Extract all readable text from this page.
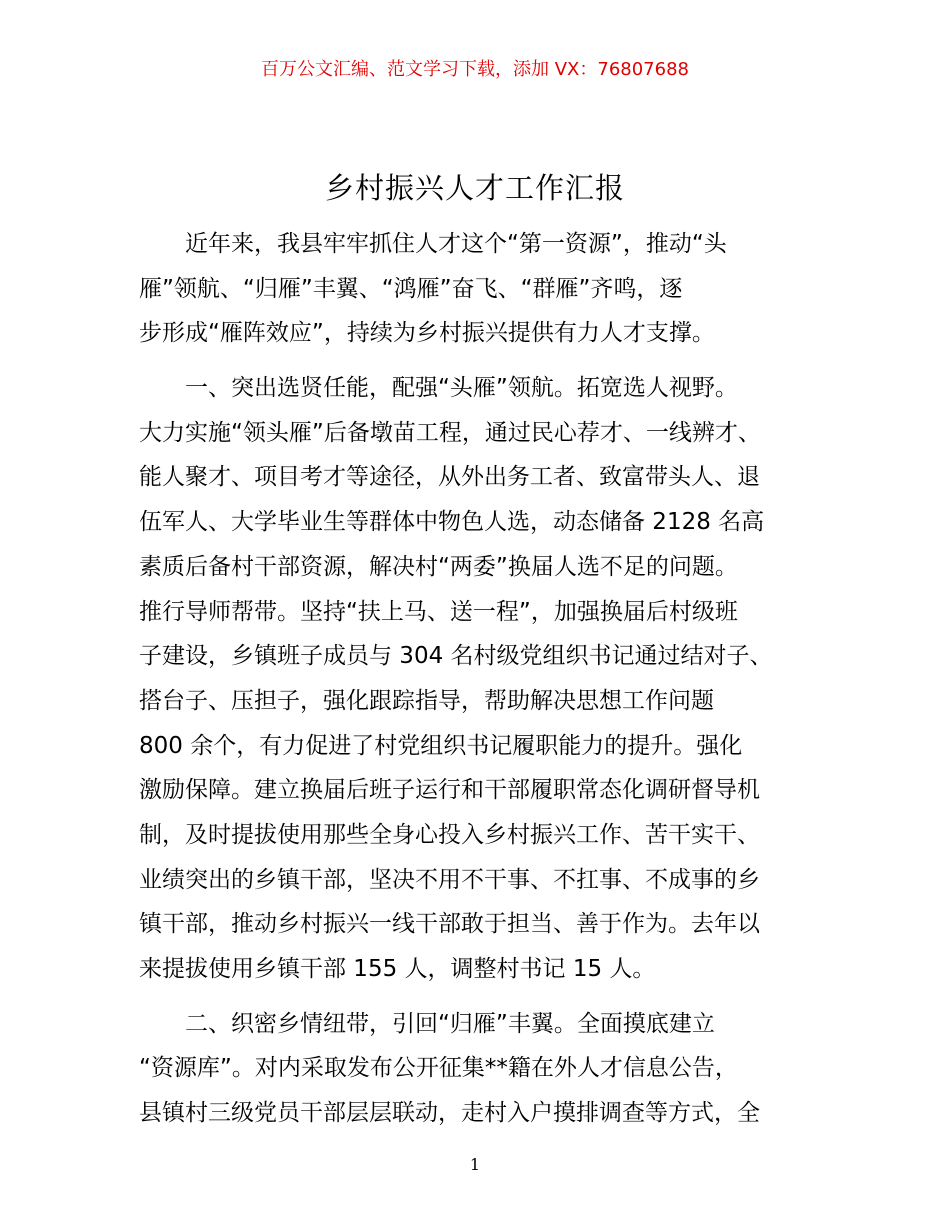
百万公文汇编、范文学习下载，添加 VX：76807688
乡村振兴人才工作汇报
近年来，我县牢牢抓住人才这个“第一资源”，推动“头
雁”领航、“归雁”丰翼、“鸿雁”奋飞、“群雁”齐鸣，逐
步形成“雁阵效应”，持续为乡村振兴提供有力人才支撑。
一、突出选贤任能，配强“头雁”领航。拓宽选人视野。
大力实施“领头雁”后备墩苗工程，通过民心荐才、一线辨才、
能人聚才、项目考才等途径，从外出务工者、致富带头人、退
伍军人、大学毕业生等群体中物色人选，动态储备 2128 名高
素质后备村干部资源，解决村“两委”换届人选不足的问题。
推行导师帮带。坚持“扶上马、送一程”，加强换届后村级班
子建设，乡镇班子成员与 304 名村级党组织书记通过结对子、
搭台子、压担子，强化跟踪指导，帮助解决思想工作问题
800 余个，有力促进了村党组织书记履职能力的提升。强化
激励保障。建立换届后班子运行和干部履职常态化调研督导机
制，及时提拔使用那些全身心投入乡村振兴工作、苦干实干、
业绩突出的乡镇干部，坚决不用不干事、不扛事、不成事的乡
镇干部，推动乡村振兴一线干部敢于担当、善于作为。去年以
来提拔使用乡镇干部 155 人，调整村书记 15 人。
二、织密乡情纽带，引回“归雁”丰翼。全面摸底建立
“资源库”。对内采取发布公开征集**籍在外人才信息公告，
县镇村三级党员干部层层联动，走村入户摸排调查等方式，全
1
